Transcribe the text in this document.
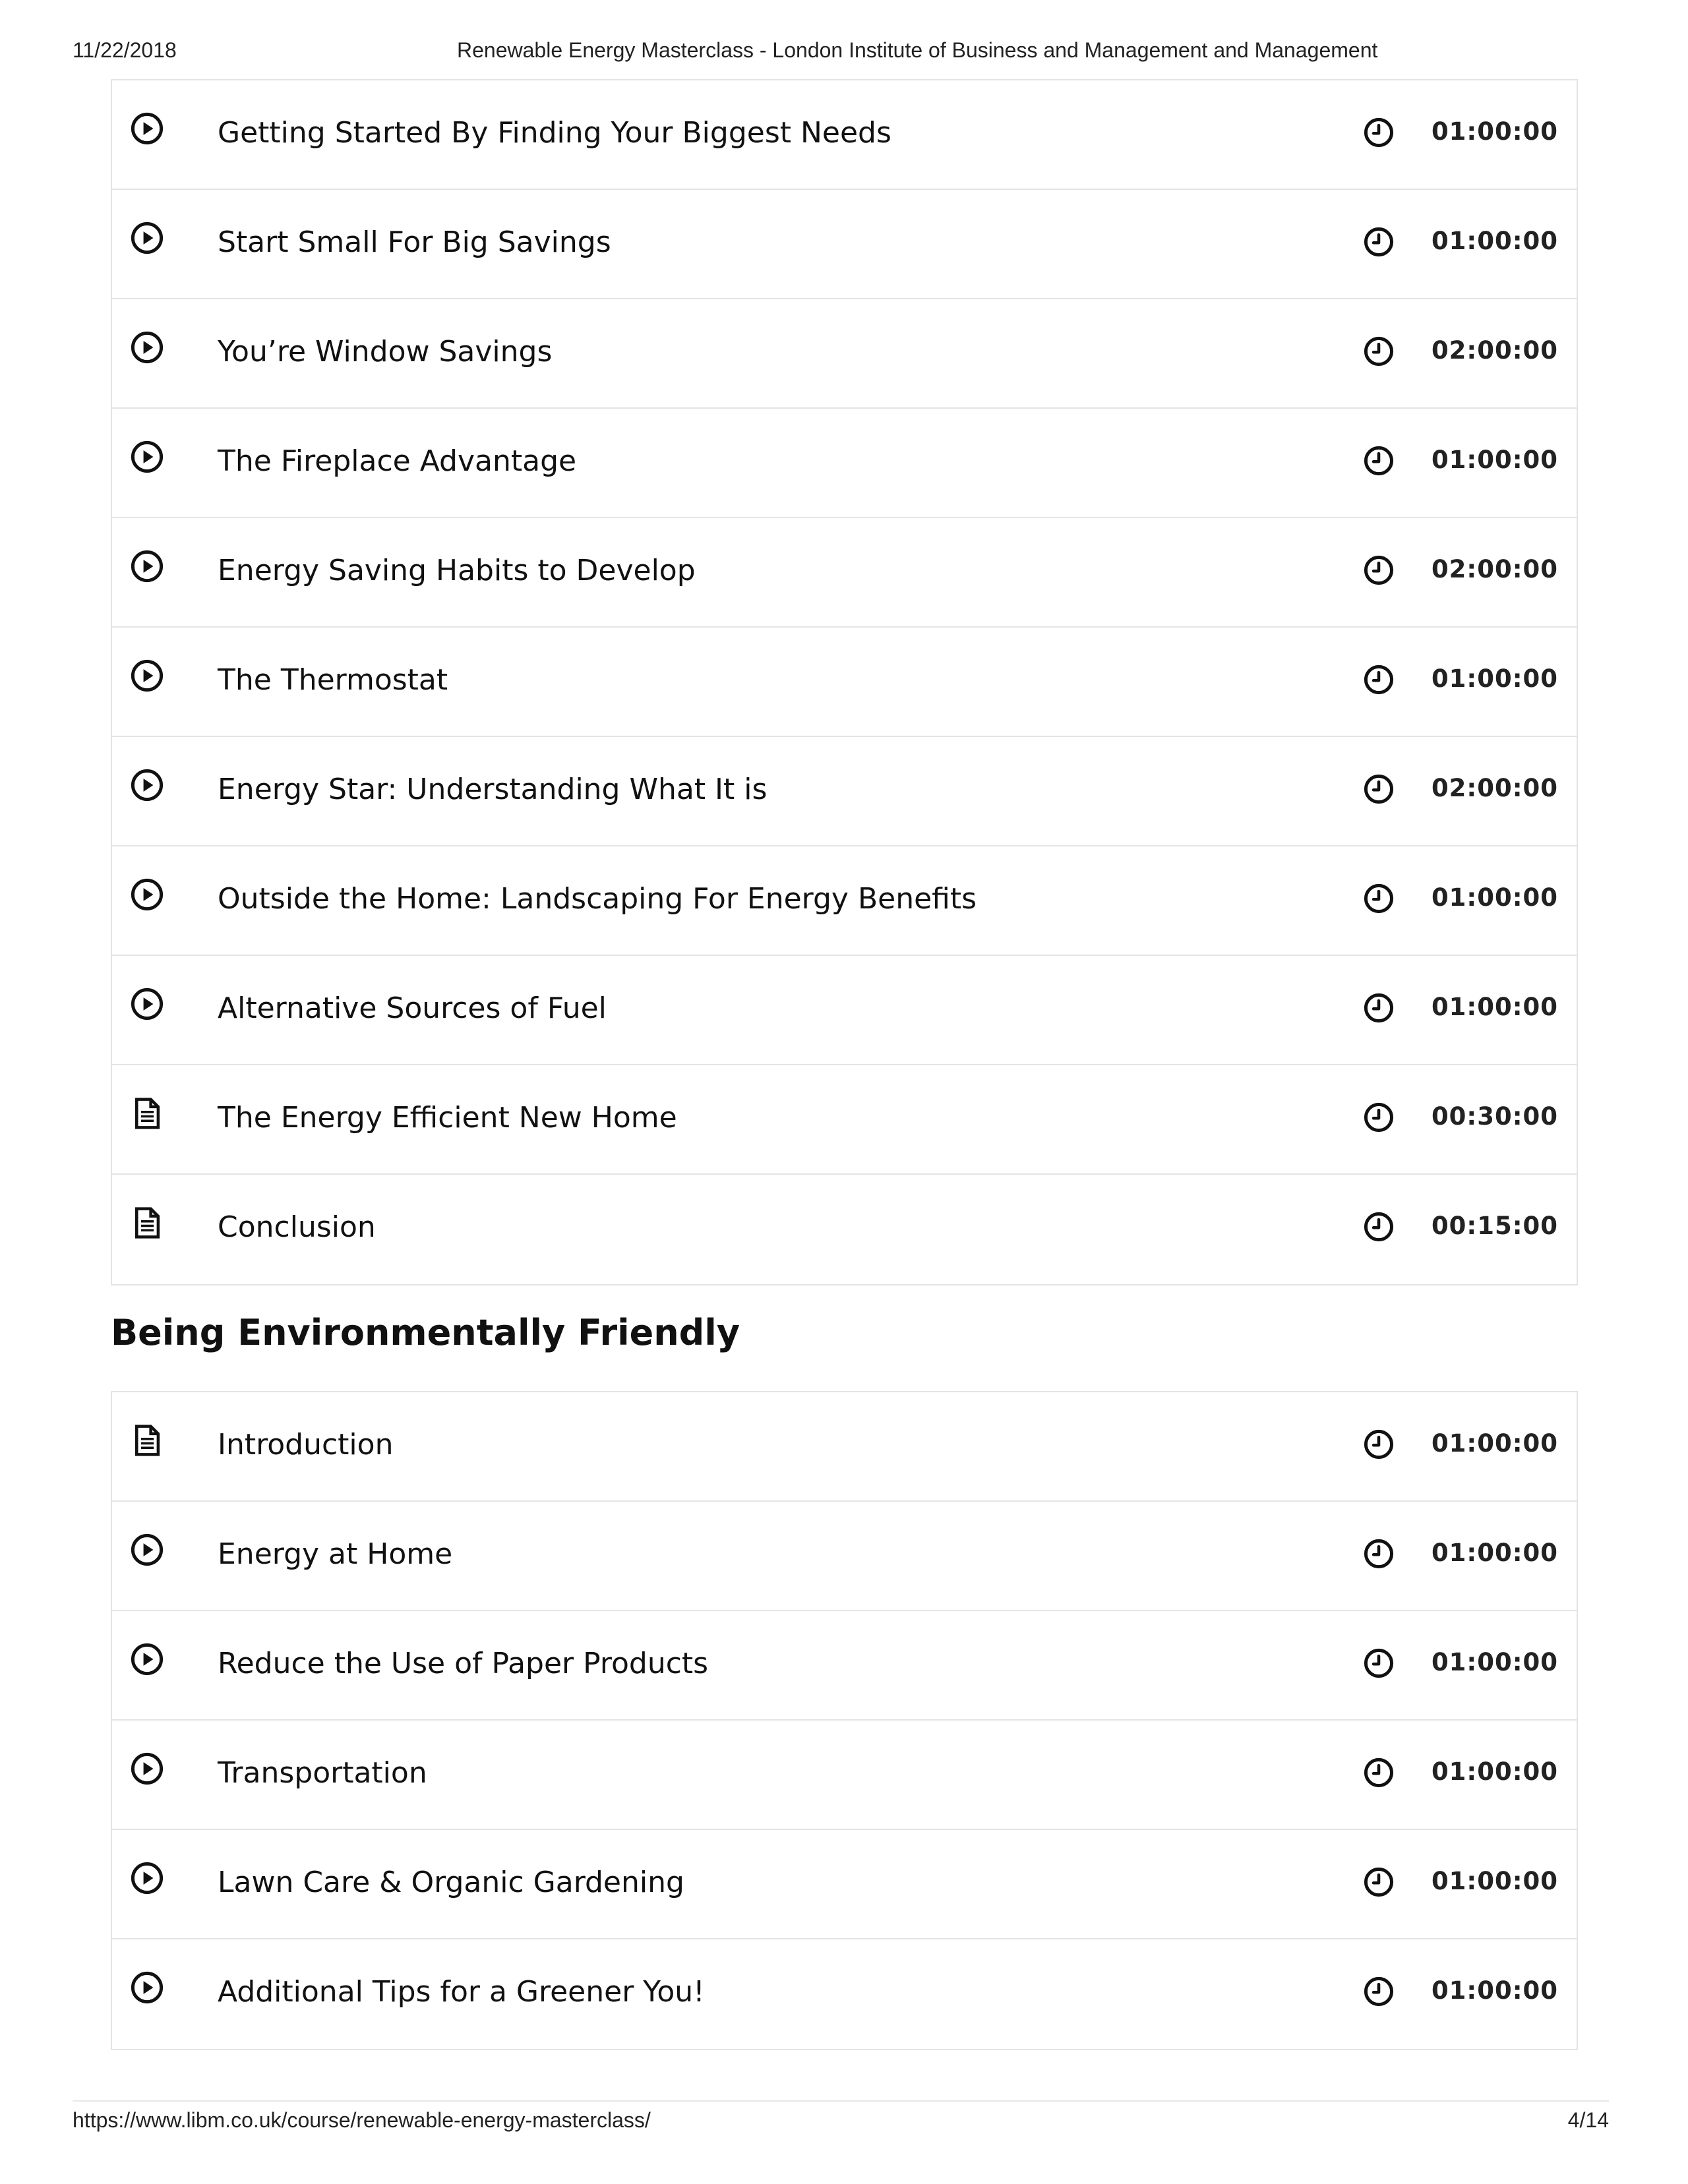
11/22/2018	Renewable Energy Masterclass - London Institute of Business and Management and Management
Getting Started By Finding Your Biggest Needs	01:00:00
Start Small For Big Savings	01:00:00
You’re Window Savings	02:00:00
The Fireplace Advantage	01:00:00
Energy Saving Habits to Develop	02:00:00
The Thermostat	01:00:00
Energy Star: Understanding What It is	02:00:00
Outside the Home: Landscaping For Energy Benefits	01:00:00
Alternative Sources of Fuel	01:00:00
The Energy Efficient New Home	00:30:00
Conclusion	00:15:00
Being Environmentally Friendly
Introduction	01:00:00
Energy at Home	01:00:00
Reduce the Use of Paper Products	01:00:00
Transportation	01:00:00
Lawn Care & Organic Gardening	01:00:00
Additional Tips for a Greener You!	01:00:00
https://www.libm.co.uk/course/renewable-energy-masterclass/	4/14
